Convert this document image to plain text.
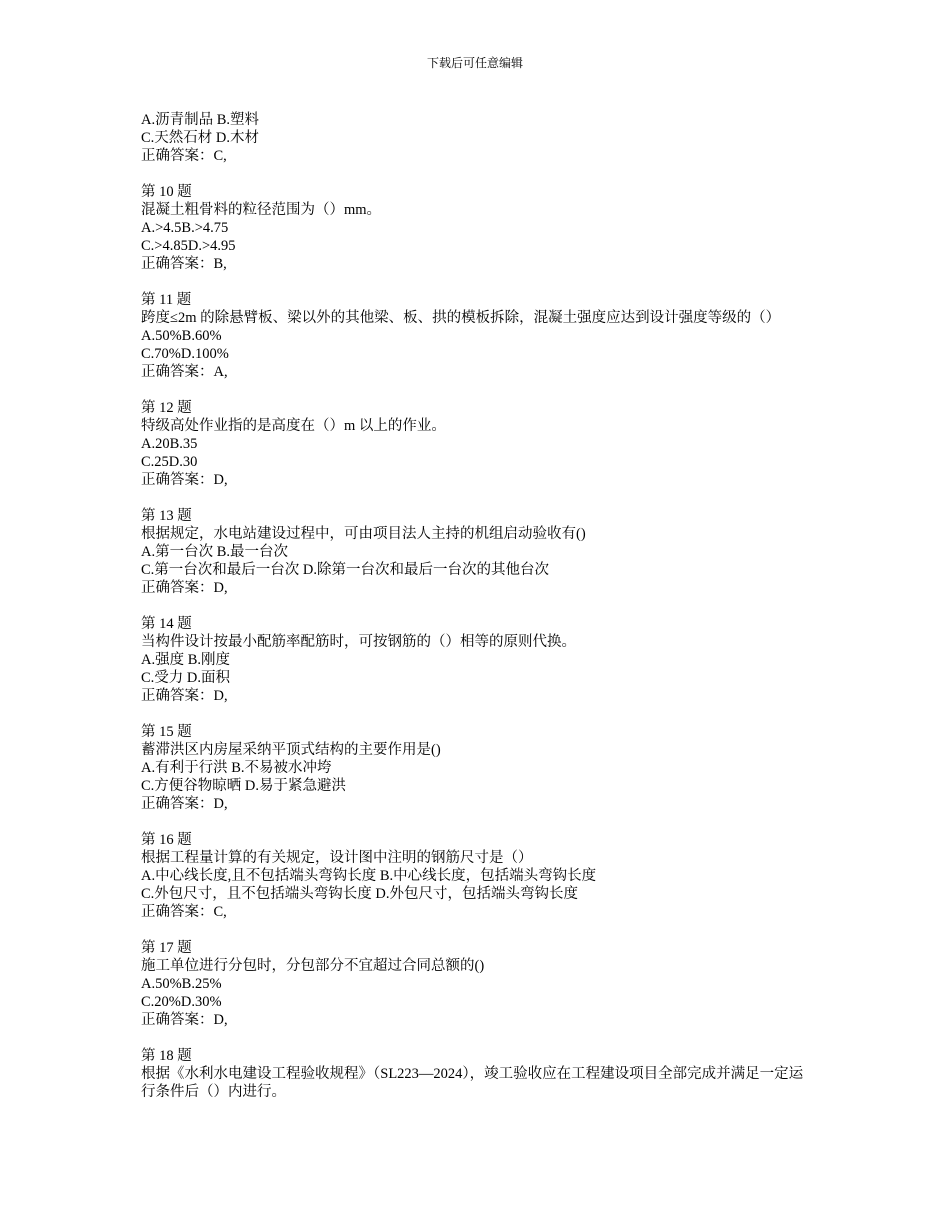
下载后可任意编辑
A.沥青制品 B.塑料
C.天然石材 D.木材
正确答案：C,
第 10 题
混凝土粗骨料的粒径范围为（）mm。
A.>4.5B.>4.75
C.>4.85D.>4.95
正确答案：B,
第 11 题
跨度≤2m 的除悬臂板、梁以外的其他梁、板、拱的模板拆除，混凝土强度应达到设计强度等级的（）
A.50%B.60%
C.70%D.100%
正确答案：A,
第 12 题
特级高处作业指的是高度在（）m 以上的作业。
A.20B.35
C.25D.30
正确答案：D,
第 13 题
根据规定，水电站建设过程中，可由项目法人主持的机组启动验收有()
A.第一台次 B.最一台次
C.第一台次和最后一台次 D.除第一台次和最后一台次的其他台次
正确答案：D,
第 14 题
当构件设计按最小配筋率配筋时，可按钢筋的（）相等的原则代换。
A.强度 B.刚度
C.受力 D.面积
正确答案：D,
第 15 题
蓄滞洪区内房屋采纳平顶式结构的主要作用是()
A.有利于行洪 B.不易被水冲垮
C.方便谷物晾晒 D.易于紧急避洪
正确答案：D,
第 16 题
根据工程量计算的有关规定，设计图中注明的钢筋尺寸是（）
A.中心线长度,且不包括端头弯钩长度 B.中心线长度，包括端头弯钩长度
C.外包尺寸，且不包括端头弯钩长度 D.外包尺寸，包括端头弯钩长度
正确答案：C,
第 17 题
施工单位进行分包时，分包部分不宜超过合同总额的()
A.50%B.25%
C.20%D.30%
正确答案：D,
第 18 题
根据《水利水电建设工程验收规程》（SL223—2024），竣工验收应在工程建设项目全部完成并满足一定运行条件后（）内进行。
